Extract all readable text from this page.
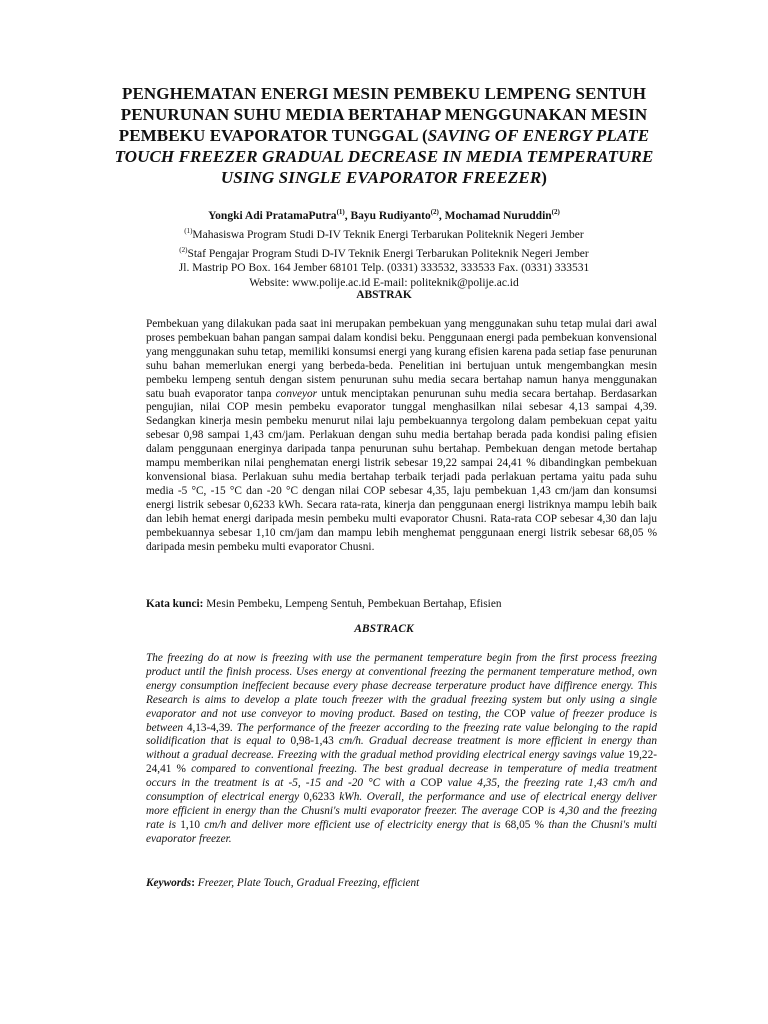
PENGHEMATAN ENERGI MESIN PEMBEKU LEMPENG SENTUH
PENURUNAN SUHU MEDIA BERTAHAP MENGGUNAKAN MESIN
PEMBEKU EVAPORATOR TUNGGAL (SAVING OF ENERGY PLATE
TOUCH FREEZER GRADUAL DECREASE IN MEDIA TEMPERATURE
USING SINGLE EVAPORATOR FREEZER)
Yongki Adi PratamaPutra$^{(1)}$, Bayu Rudiyanto$^{(2)}$, Mochamad Nuruddin$^{(2)}$
$^{(1)}$Mahasiswa Program Studi D-IV Teknik Energi Terbarukan Politeknik Negeri Jember
$^{(2)}$Staf Pengajar Program Studi D-IV Teknik Energi Terbarukan Politeknik Negeri Jember
Jl. Mastrip PO Box. 164 Jember 68101 Telp. (0331) 333532, 333533 Fax. (0331) 333531
Website: www.polije.ac.id E-mail: politeknik@polije.ac.id
ABSTRAK
Pembekuan yang dilakukan pada saat ini merupakan pembekuan yang menggunakan suhu tetap mulai dari awal proses pembekuan bahan pangan sampai dalam kondisi beku. Penggunaan energi pada pembekuan konvensional yang menggunakan suhu tetap, memiliki konsumsi energi yang kurang efisien karena pada setiap fase penurunan suhu bahan memerlukan energi yang berbeda-beda. Penelitian ini bertujuan untuk mengembangkan mesin pembeku lempeng sentuh dengan sistem penurunan suhu media secara bertahap namun hanya menggunakan satu buah evaporator tanpa conveyor untuk menciptakan penurunan suhu media secara bertahap. Berdasarkan pengujian, nilai COP mesin pembeku evaporator tunggal menghasilkan nilai sebesar 4,13 sampai 4,39. Sedangkan kinerja mesin pembeku menurut nilai laju pembekuannya tergolong dalam pembekuan cepat yaitu sebesar 0,98 sampai 1,43 cm/jam. Perlakuan dengan suhu media bertahap berada pada kondisi paling efisien dalam penggunaan energinya daripada tanpa penurunan suhu bertahap. Pembekuan dengan metode bertahap mampu memberikan nilai penghematan energi listrik sebesar 19,22 sampai 24,41 % dibandingkan pembekuan konvensional biasa. Perlakuan suhu media bertahap terbaik terjadi pada perlakuan pertama yaitu pada suhu media -5 °C, -15 °C dan -20 °C dengan nilai COP sebesar 4,35, laju pembekuan 1,43 cm/jam dan konsumsi energi listrik sebesar 0,6233 kWh. Secara rata-rata, kinerja dan penggunaan energi listriknya mampu lebih baik dan lebih hemat energi daripada mesin pembeku multi evaporator Chusni. Rata-rata COP sebesar 4,30 dan laju pembekuannya sebesar 1,10 cm/jam dan mampu lebih menghemat penggunaan energi listrik sebesar 68,05 % daripada mesin pembeku multi evaporator Chusni.
Kata kunci: Mesin Pembeku, Lempeng Sentuh, Pembekuan Bertahap, Efisien
ABSTRACK
The freezing do at now is freezing with use the permanent temperature begin from the first process freezing product until the finish process. Uses energy at conventional freezing the permanent temperature method, own energy consumption ineffecient because every phase decrease terperature product have diffirence energy. This Research is aims to develop a plate touch freezer with the gradual freezing system but only using a single evaporator and not use conveyor to moving product. Based on testing, the COP value of freezer produce is between 4,13-4,39. The performance of the freezer according to the freezing rate value belonging to the rapid solidification that is equal to 0,98-1,43 cm/h. Gradual decrease treatment is more efficient in energy than without a gradual decrease. Freezing with the gradual method providing electrical energy savings value 19,22-24,41 % compared to conventional freezing. The best gradual decrease in temperature of media treatment occurs in the treatment is at -5, -15 and -20 °C with a COP value 4,35, the freezing rate 1,43 cm/h and consumption of electrical energy 0,6233 kWh. Overall, the performance and use of electrical energy deliver more efficient in energy than the Chusni's multi evaporator freezer. The average COP is 4,30 and the freezing rate is 1,10 cm/h and deliver more efficient use of electricity energy that is 68,05 % than the Chusni's multi evaporator freezer.
Keywords: Freezer, Plate Touch, Gradual Freezing, efficient
